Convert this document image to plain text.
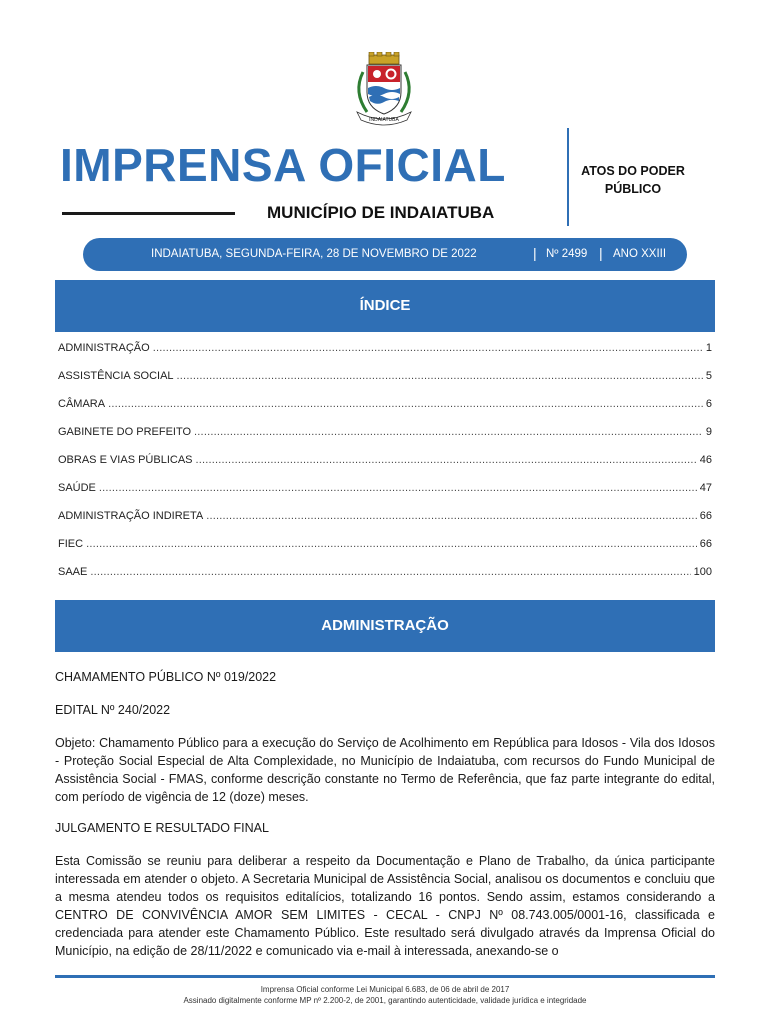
INDAIATUBA
IMPRENSA OFICIAL
MUNICÍPIO DE INDAIATUBA
ATOS DO PODER
PÚBLICO
INDAIATUBA, SEGUNDA-FEIRA, 28 DE NOVEMBRO DE 2022	| Nº 2499 | ANO XXIII
ÍNDICE
ADMINISTRAÇÃO .....	1
ASSISTÊNCIA SOCIAL .....	5
CÂMARA .....	6
GABINETE DO PREFEITO .....	9
OBRAS E VIAS PÚBLICAS .....	46
SAÚDE .....	47
ADMINISTRAÇÃO INDIRETA .....	66
FIEC .....	66
SAAE .....	100
ADMINISTRAÇÃO

CHAMAMENTO PÚBLICO Nº 019/2022

EDITAL Nº 240/2022

Objeto: Chamamento Público para a execução do Serviço de Acolhimento em República para Idosos - Vila dos Idosos - Proteção Social Especial de Alta Complexidade, no Município de Indaiatuba, com recursos do Fundo Municipal de Assistência Social - FMAS, conforme descrição constante no Termo de Referência, que faz parte integrante do edital, com período de vigência de 12 (doze) meses.

JULGAMENTO E RESULTADO FINAL

Esta Comissão se reuniu para deliberar a respeito da Documentação e Plano de Trabalho, da única participante interessada em atender o objeto. A Secretaria Municipal de Assistência Social, analisou os documentos e concluiu que a mesma atendeu todos os requisitos editalícios, totalizando 16 pontos. Sendo assim, estamos considerando a CENTRO DE CONVIVÊNCIA AMOR SEM LIMITES - CECAL - CNPJ Nº 08.743.005/0001-16, classificada e credenciada para atender este Chamamento Público. Este resultado será divulgado através da Imprensa Oficial do Município, na edição de 28/11/2022 e comunicado via e-mail à interessada, anexando-se o

Imprensa Oficial conforme Lei Municipal 6.683, de 06 de abril de 2017
Assinado digitalmente conforme MP nº 2.200-2, de 2001, garantindo autenticidade, validade jurídica e integridade
